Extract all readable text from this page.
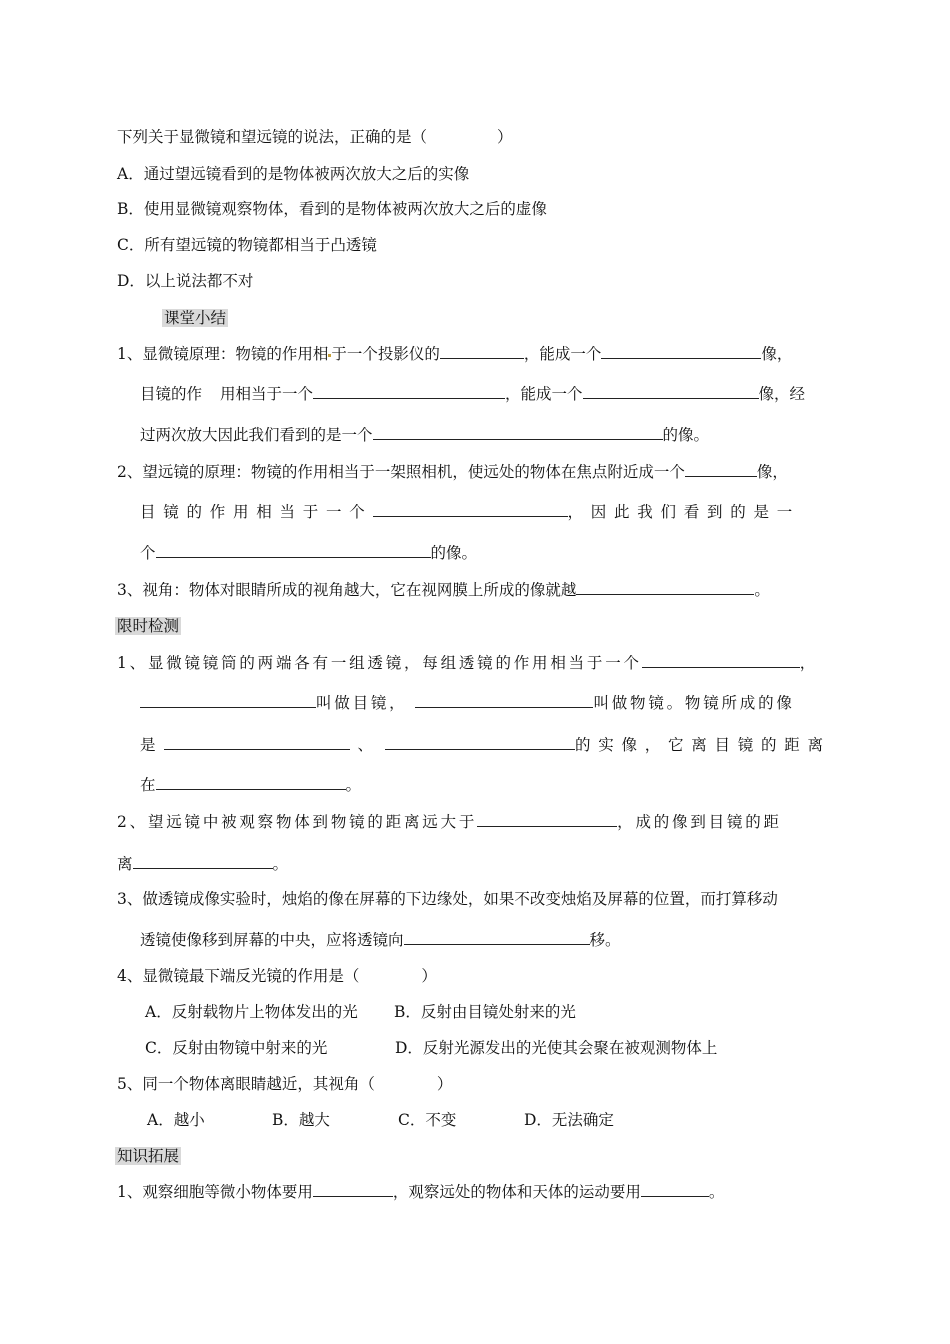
下列关于显微镜和望远镜的说法，正确的是（	）
A．通过望远镜看到的是物体被两次放大之后的实像
B．使用显微镜观察物体，看到的是物体被两次放大之后的虚像
C．所有望远镜的物镜都相当于凸透镜
D．以上说法都不对
课堂小结
1、显微镜原理：物镜的作用相 于一个投影仪的	，能成一个	像，
目镜的作 用相当于一个	，能成一个	像，经
过两次放大因此我们看到的是一个	的像。
2、望远镜的原理：物镜的作用相当于一架照相机，使远处的物体在焦点附近成一个	像，
目镜的作用相当于一个	，因此我们看到的是一
个	的像。
3、视角：物体对眼睛所成的视角越大，它在视网膜上所成的像就越	。
限时检测
1、显微镜镜筒的两端各有一组透镜，每组透镜的作用相当于一个	，
叫做目镜，	叫做物镜。物镜所成的像
是	、	的实像，它离目镜的距离
在	。
2、望远镜中被观察物体到物镜的距离远大于	，成的像到目镜的距
离	。
3、做透镜成像实验时，烛焰的像在屏幕的下边缘处，如果不改变烛焰及屏幕的位置，而打算移动
透镜使像移到屏幕的中央，应将透镜向	移。
4、显微镜最下端反光镜的作用是（	）
A．反射载物片上物体发出的光 B．反射由目镜处射来的光
C．反射由物镜中射来的光	D．反射光源发出的光使其会聚在被观测物体上
5、同一个物体离眼睛越近，其视角（	）
A．越小	B．越大	C．不变	D．无法确定
知识拓展
1、观察细胞等微小物体要用	，观察远处的物体和天体的运动要用	。
